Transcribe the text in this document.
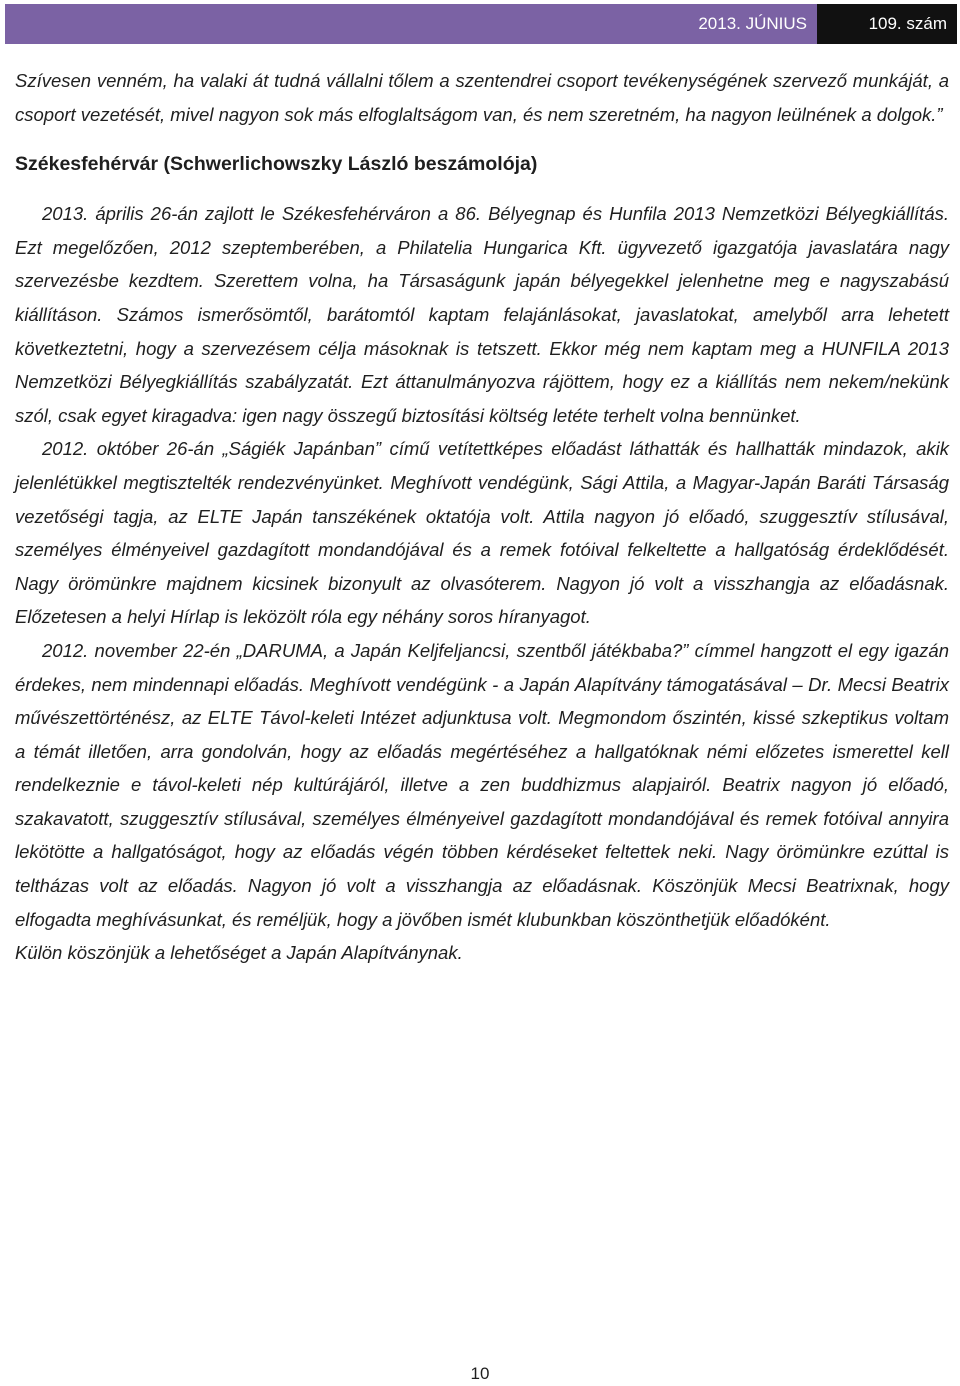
2013. JÚNIUS	109. szám

Szívesen venném, ha valaki át tudná vállalni tőlem a szentendrei csoport tevékenységének szervező munkáját, a csoport vezetését, mivel nagyon sok más elfoglaltságom van, és nem szeretném, ha nagyon leülnének a dolgok.”

Székesfehérvár (Schwerlichowszky László beszámolója)

2013. április 26-án zajlott le Székesfehérváron a 86. Bélyegnap és Hunfila 2013 Nemzetközi Bélyegkiállítás. Ezt megelőzően, 2012 szeptemberében, a Philatelia Hungarica Kft. ügyvezető igazgatója javaslatára nagy szervezésbe kezdtem. Szerettem volna, ha Társaságunk japán bélyegekkel jelenhetne meg e nagyszabású kiállításon. Számos ismerősömtől, barátomtól kaptam felajánlásokat, javaslatokat, amelyből arra lehetett következtetni, hogy a szervezésem célja másoknak is tetszett. Ekkor még nem kaptam meg a HUNFILA 2013 Nemzetközi Bélyegkiállítás szabályzatát. Ezt áttanulmányozva rájöttem, hogy ez a kiállítás nem nekem/nekünk szól, csak egyet kiragadva: igen nagy összegű biztosítási költség letéte terhelt volna bennünket.

2012. október 26-án „Ságiék Japánban” című vetítettképes előadást láthatták és hallhatták mindazok, akik jelenlétükkel megtisztelték rendezvényünket. Meghívott vendégünk, Sági Attila, a Magyar-Japán Baráti Társaság vezetőségi tagja, az ELTE Japán tanszékének oktatója volt. Attila nagyon jó előadó, szuggesztív stílusával, személyes élményeivel gazdagított mondandójával és a remek fotóival felkeltette a hallgatóság érdeklődését. Nagy örömünkre majdnem kicsinek bizonyult az olvasóterem. Nagyon jó volt a visszhangja az előadásnak. Előzetesen a helyi Hírlap is leközölt róla egy néhány soros híranyagot.

2012. november 22-én „DARUMA, a Japán Keljfeljancsi, szentből játékbaba?” címmel hangzott el egy igazán érdekes, nem mindennapi előadás. Meghívott vendégünk - a Japán Alapítvány támogatásával – Dr. Mecsi Beatrix művészettörténész, az ELTE Távol-keleti Intézet adjunktusa volt. Megmondom őszintén, kissé szkeptikus voltam a témát illetően, arra gondolván, hogy az előadás megértéséhez a hallgatóknak némi előzetes ismerettel kell rendelkeznie e távol-keleti nép kultúrájáról, illetve a zen buddhizmus alapjairól. Beatrix nagyon jó előadó, szakavatott, szuggesztív stílusával, személyes élményeivel gazdagított mondandójával és remek fotóival annyira lekötötte a hallgatóságot, hogy az előadás végén többen kérdéseket feltettek neki. Nagy örömünkre ezúttal is teltházas volt az előadás. Nagyon jó volt a visszhangja az előadásnak. Köszönjük Mecsi Beatrixnak, hogy elfogadta meghívásunkat, és reméljük, hogy a jövőben ismét klubunkban köszönthetjük előadóként.

Külön köszönjük a lehetőséget a Japán Alapítványnak.

10
